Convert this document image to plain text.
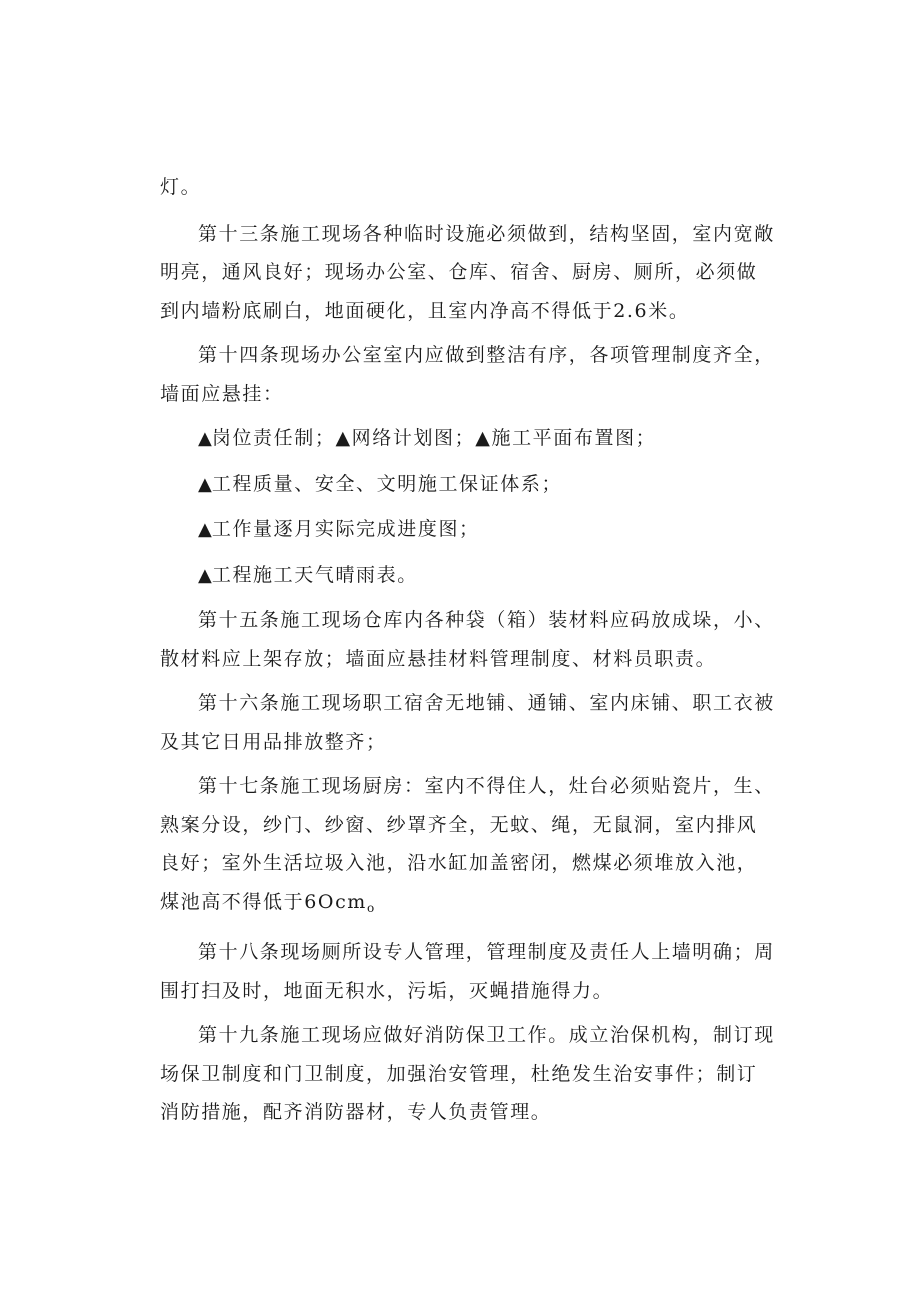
灯。

第十三条施工现场各种临时设施必须做到，结构坚固，室内宽敞
明亮，通风良好；现场办公室、仓库、宿舍、厨房、厕所，必须做
到内墙粉底刷白，地面硬化，且室内净高不得低于2.6米。

第十四条现场办公室室内应做到整洁有序，各项管理制度齐全，
墙面应悬挂：

▲岗位责任制；▲网络计划图；▲施工平面布置图；

▲工程质量、安全、文明施工保证体系；

▲工作量逐月实际完成进度图；

▲工程施工天气晴雨表。

第十五条施工现场仓库内各种袋（箱）装材料应码放成垛，小、
散材料应上架存放；墙面应悬挂材料管理制度、材料员职责。

第十六条施工现场职工宿舍无地铺、通铺、室内床铺、职工衣被
及其它日用品排放整齐；

第十七条施工现场厨房：室内不得住人，灶台必须贴瓷片，生、
熟案分设，纱门、纱窗、纱罩齐全，无蚊、绳，无鼠洞，室内排风
良好；室外生活垃圾入池，沿水缸加盖密闭，燃煤必须堆放入池，
煤池高不得低于6Ocm$_o$

第十八条现场厕所设专人管理，管理制度及责任人上墙明确；周
围打扫及时，地面无积水，污垢，灭蝇措施得力。

第十九条施工现场应做好消防保卫工作。成立治保机构，制订现
场保卫制度和门卫制度，加强治安管理，杜绝发生治安事件；制订
消防措施，配齐消防器材，专人负责管理。
